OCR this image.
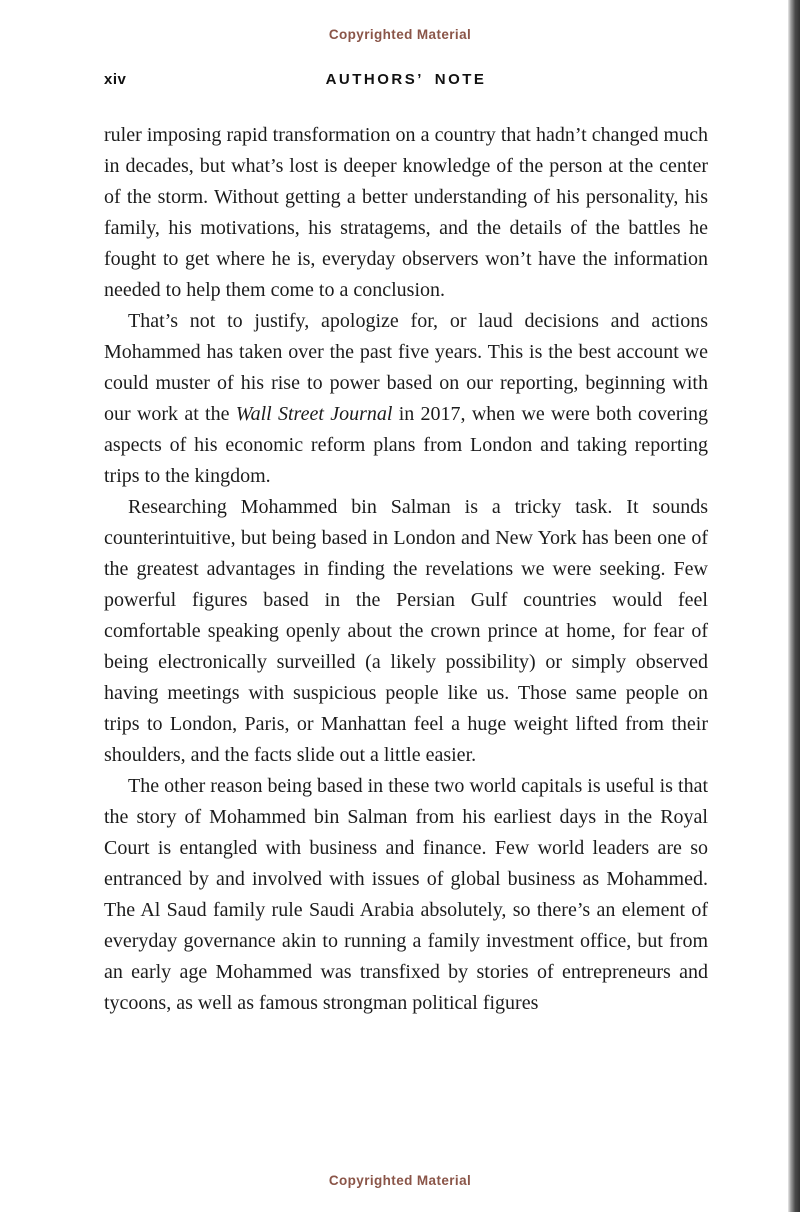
Copyrighted Material
xiv	AUTHORS’ NOTE

ruler imposing rapid transformation on a country that hadn’t changed much in decades, but what’s lost is deeper knowledge of the person at the center of the storm. Without getting a better understanding of his personality, his family, his motivations, his stratagems, and the details of the battles he fought to get where he is, everyday observers won’t have the information needed to help them come to a conclusion.

That’s not to justify, apologize for, or laud decisions and actions Mohammed has taken over the past five years. This is the best account we could muster of his rise to power based on our reporting, beginning with our work at the Wall Street Journal in 2017, when we were both covering aspects of his economic reform plans from London and taking reporting trips to the kingdom.

Researching Mohammed bin Salman is a tricky task. It sounds counterintuitive, but being based in London and New York has been one of the greatest advantages in finding the revelations we were seeking. Few powerful figures based in the Persian Gulf countries would feel comfortable speaking openly about the crown prince at home, for fear of being electronically surveilled (a likely possibility) or simply observed having meetings with suspicious people like us. Those same people on trips to London, Paris, or Manhattan feel a huge weight lifted from their shoulders, and the facts slide out a little easier.

The other reason being based in these two world capitals is useful is that the story of Mohammed bin Salman from his earliest days in the Royal Court is entangled with business and finance. Few world leaders are so entranced by and involved with issues of global business as Mohammed. The Al Saud family rule Saudi Arabia absolutely, so there’s an element of everyday governance akin to running a family investment office, but from an early age Mohammed was transfixed by stories of entrepreneurs and tycoons, as well as famous strongman political figures

Copyrighted Material
